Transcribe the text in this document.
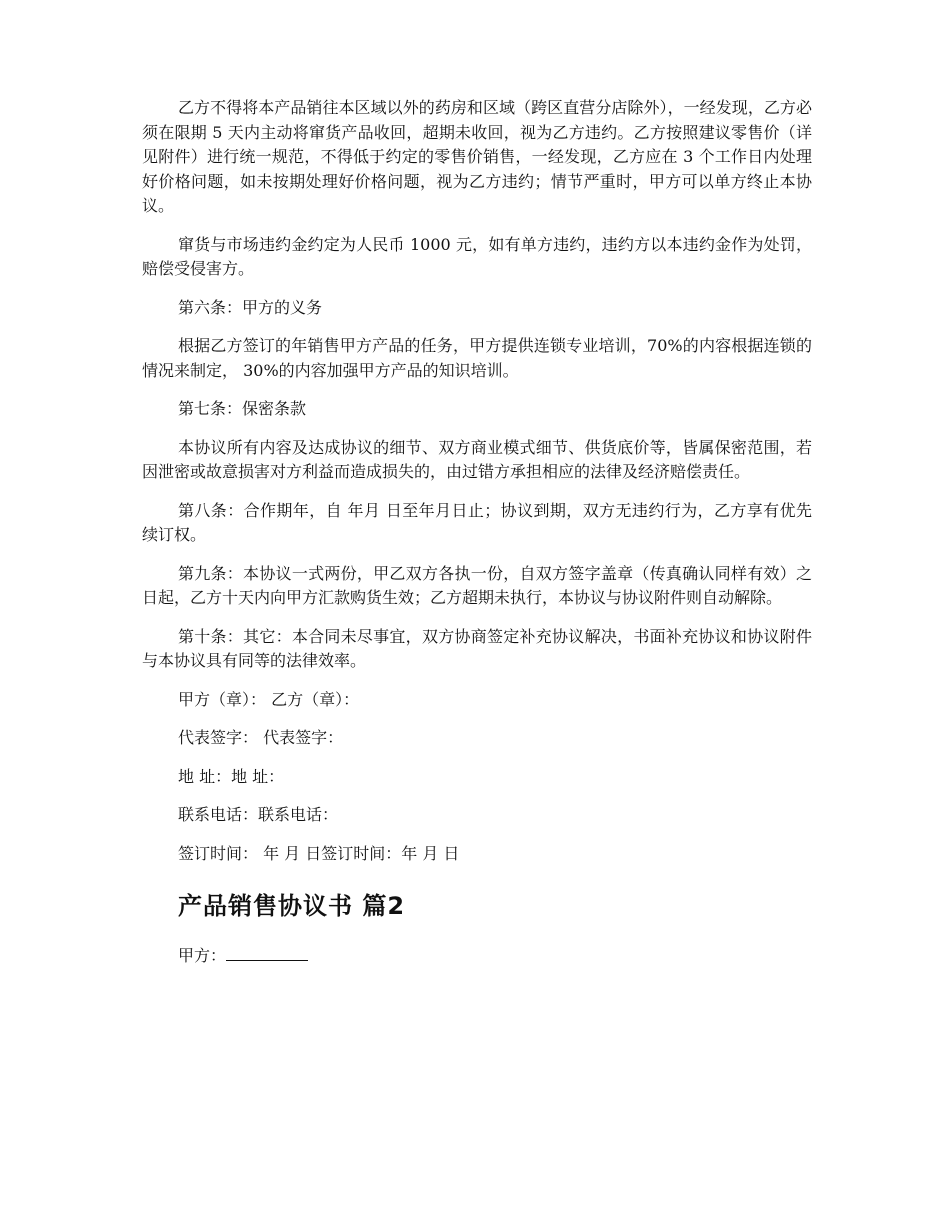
乙方不得将本产品销往本区域以外的药房和区域（跨区直营分店除外），一经发现，乙方必须在限期 5 天内主动将窜货产品收回，超期未收回，视为乙方违约。乙方按照建议零售价（详见附件）进行统一规范，不得低于约定的零售价销售，一经发现，乙方应在 3 个工作日内处理好价格问题，如未按期处理好价格问题，视为乙方违约；情节严重时，甲方可以单方终止本协议。

窜货与市场违约金约定为人民币 1000 元，如有单方违约，违约方以本违约金作为处罚，赔偿受侵害方。

第六条：甲方的义务

根据乙方签订的年销售甲方产品的任务，甲方提供连锁专业培训，70%的内容根据连锁的情况来制定， 30%的内容加强甲方产品的知识培训。

第七条：保密条款

本协议所有内容及达成协议的细节、双方商业模式细节、供货底价等，皆属保密范围，若因泄密或故意损害对方利益而造成损失的，由过错方承担相应的法律及经济赔偿责任。

第八条：合作期年，自 年月 日至年月日止；协议到期，双方无违约行为，乙方享有优先续订权。

第九条：本协议一式两份，甲乙双方各执一份，自双方签字盖章（传真确认同样有效）之日起，乙方十天内向甲方汇款购货生效；乙方超期未执行，本协议与协议附件则自动解除。

第十条：其它：本合同未尽事宜，双方协商签定补充协议解决，书面补充协议和协议附件与本协议具有同等的法律效率。

甲方（章）： 乙方（章）：

代表签字： 代表签字：

地 址：地 址：

联系电话：联系电话：

签订时间： 年 月 日签订时间：年 月 日

产品销售协议书 篇2
甲方：
